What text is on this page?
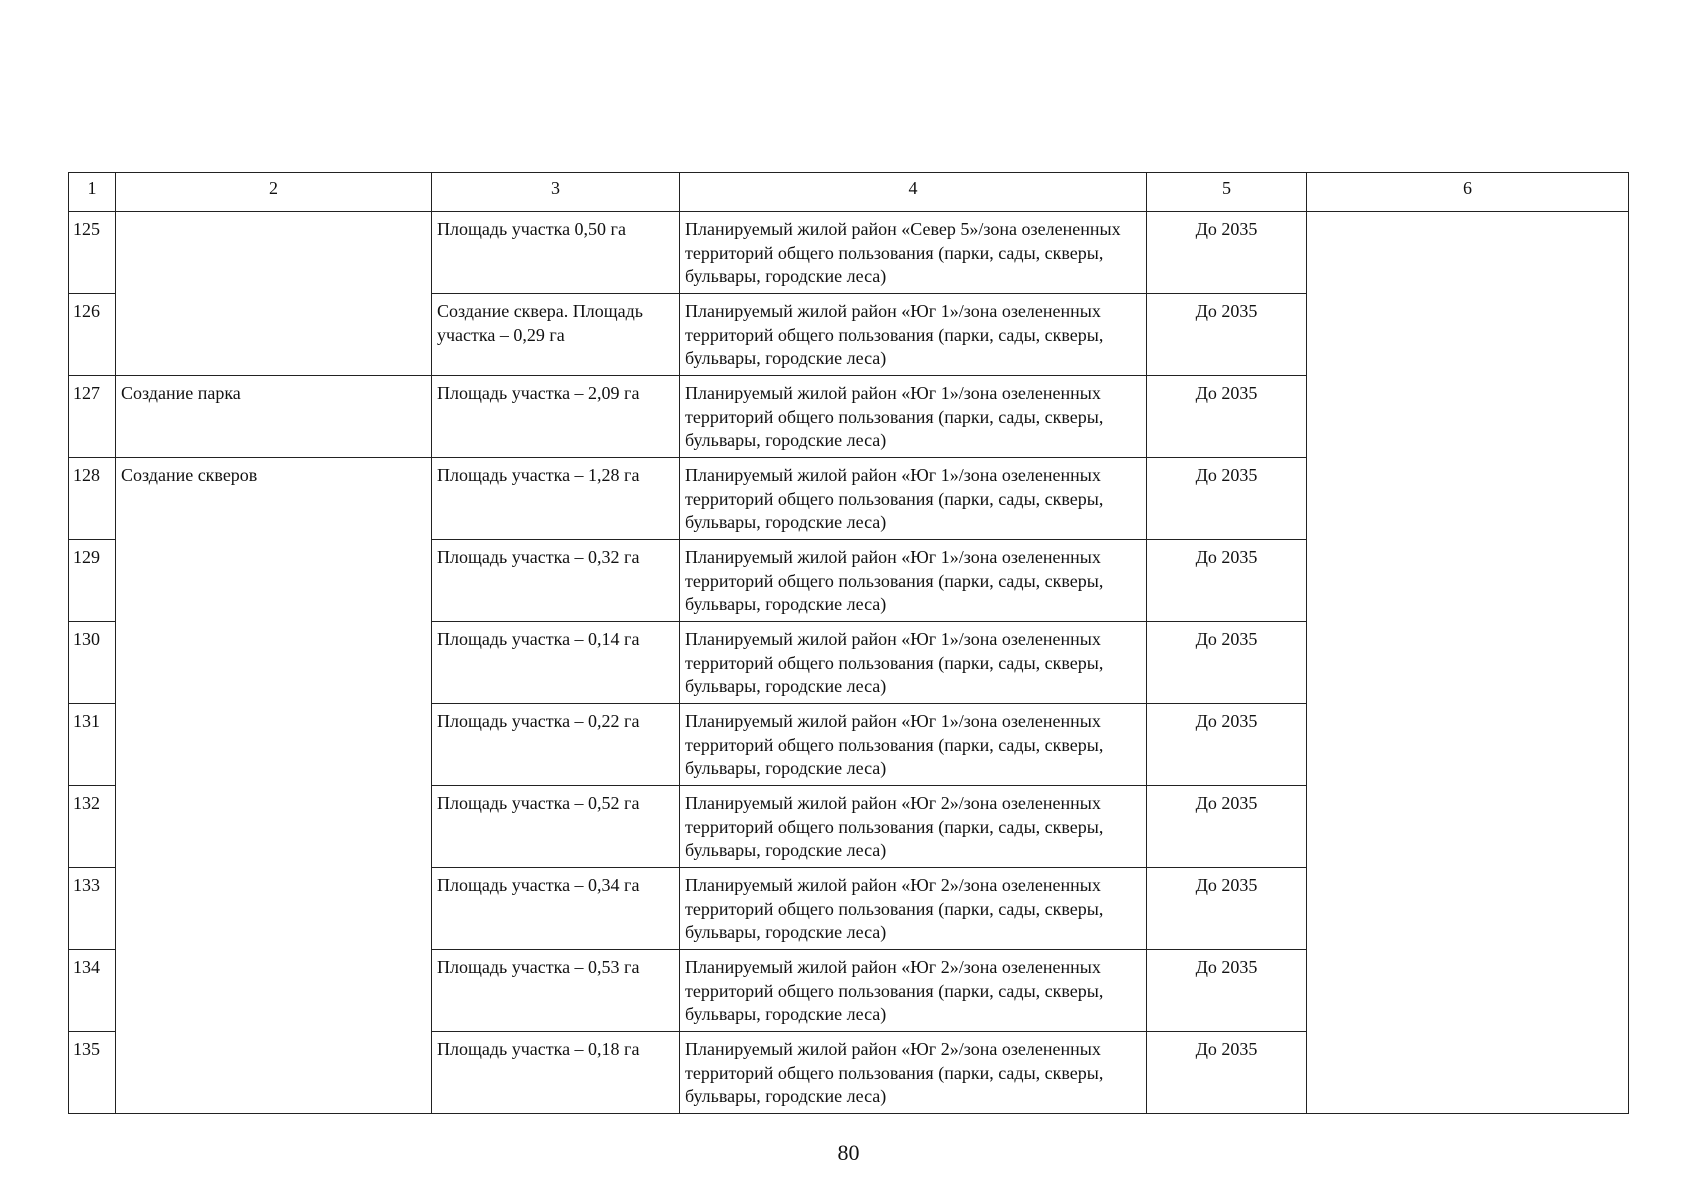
1	2	3	4	5	6
125		Площадь участка 0,50 га	Планируемый жилой район «Север 5»/зона озелененных территорий общего пользования (парки, сады, скверы, бульвары, городские леса)	До 2035	
126		Создание сквера. Площадь участка – 0,29 га	Планируемый жилой район «Юг 1»/зона озелененных территорий общего пользования (парки, сады, скверы, бульвары, городские леса)	До 2035	
127	Создание парка	Площадь участка – 2,09 га	Планируемый жилой район «Юг 1»/зона озелененных территорий общего пользования (парки, сады, скверы, бульвары, городские леса)	До 2035	
128	Создание скверов	Площадь участка – 1,28 га	Планируемый жилой район «Юг 1»/зона озелененных территорий общего пользования (парки, сады, скверы, бульвары, городские леса)	До 2035	
129		Площадь участка – 0,32 га	Планируемый жилой район «Юг 1»/зона озелененных территорий общего пользования (парки, сады, скверы, бульвары, городские леса)	До 2035	
130		Площадь участка – 0,14 га	Планируемый жилой район «Юг 1»/зона озелененных территорий общего пользования (парки, сады, скверы, бульвары, городские леса)	До 2035	
131		Площадь участка – 0,22 га	Планируемый жилой район «Юг 1»/зона озелененных территорий общего пользования (парки, сады, скверы, бульвары, городские леса)	До 2035	
132		Площадь участка – 0,52 га	Планируемый жилой район «Юг 2»/зона озелененных территорий общего пользования (парки, сады, скверы, бульвары, городские леса)	До 2035	
133		Площадь участка – 0,34 га	Планируемый жилой район «Юг 2»/зона озелененных территорий общего пользования (парки, сады, скверы, бульвары, городские леса)	До 2035	
134		Площадь участка – 0,53 га	Планируемый жилой район «Юг 2»/зона озелененных территорий общего пользования (парки, сады, скверы, бульвары, городские леса)	До 2035	
135		Площадь участка – 0,18 га	Планируемый жилой район «Юг 2»/зона озелененных территорий общего пользования (парки, сады, скверы, бульвары, городские леса)	До 2035	
80
